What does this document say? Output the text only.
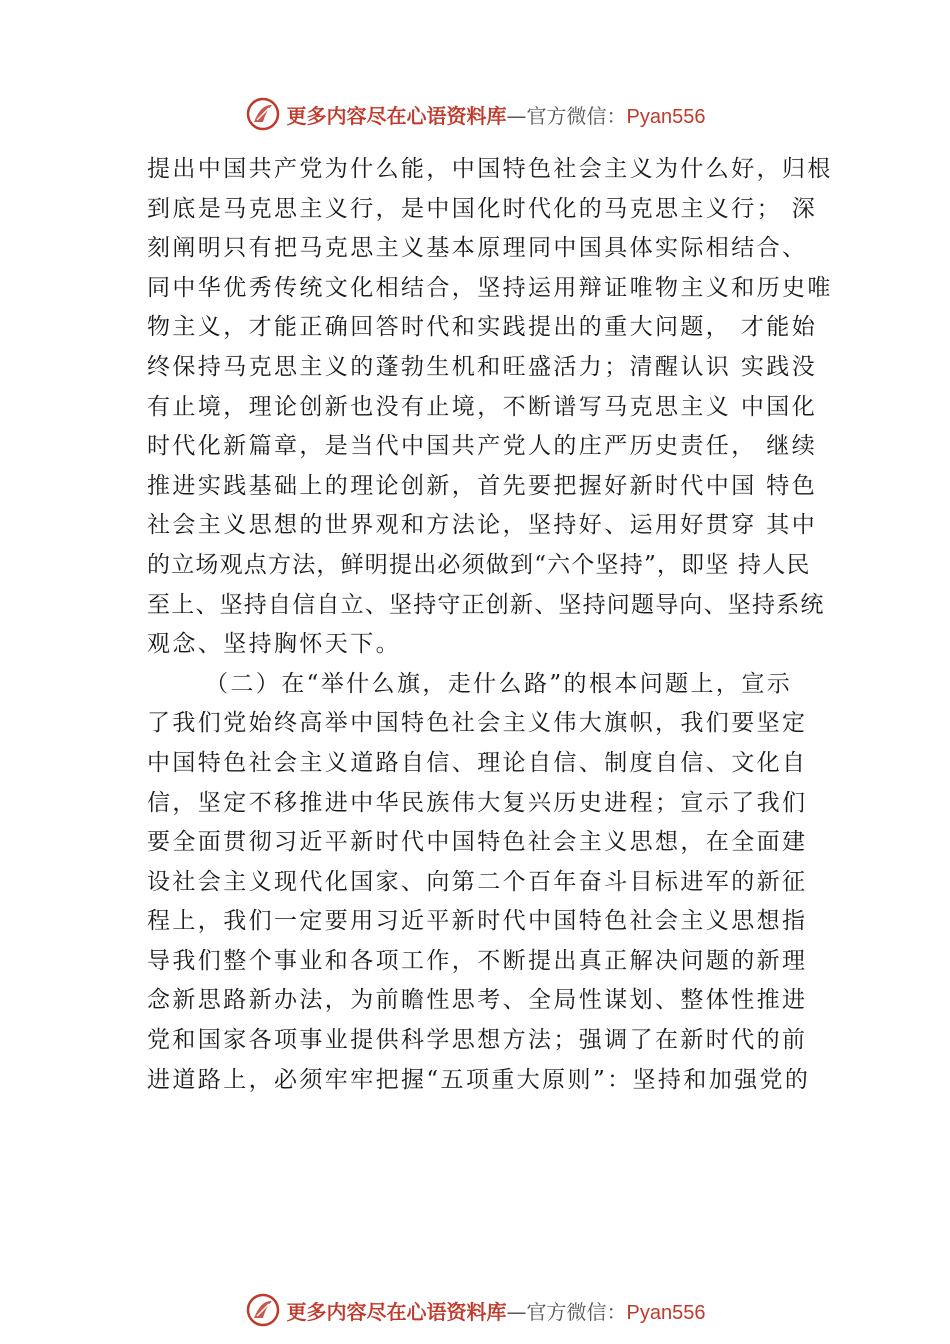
更多内容尽在心语资料库 —官方微信： Pyan556
提出中国共产党为什么能，中国特色社会主义为什么好，归根
到底是马克思主义行，是中国化时代化的马克思主义行； 深
刻阐明只有把马克思主义基本原理同中国具体实际相结合、
同中华优秀传统文化相结合，坚持运用辩证唯物主义和历史唯
物主义，才能正确回答时代和实践提出的重大问题， 才能始
终保持马克思主义的蓬勃生机和旺盛活力；清醒认识 实践没
有止境，理论创新也没有止境，不断谱写马克思主义 中国化
时代化新篇章，是当代中国共产党人的庄严历史责任， 继续
推进实践基础上的理论创新，首先要把握好新时代中国 特色
社会主义思想的世界观和方法论，坚持好、运用好贯穿 其中
的立场观点方法，鲜明提出必须做到“六个坚持”，即坚 持人民
至上、坚持自信自立、坚持守正创新、坚持问题导向、坚持系统
观念、坚持胸怀天下。
（二）在“举什么旗，走什么路”的根本问题上，宣示
了我们党始终高举中国特色社会主义伟大旗帜，我们要坚定
中国特色社会主义道路自信、理论自信、制度自信、文化自
信，坚定不移推进中华民族伟大复兴历史进程；宣示了我们
要全面贯彻习近平新时代中国特色社会主义思想，在全面建
设社会主义现代化国家、向第二个百年奋斗目标进军的新征
程上，我们一定要用习近平新时代中国特色社会主义思想指
导我们整个事业和各项工作，不断提出真正解决问题的新理
念新思路新办法，为前瞻性思考、全局性谋划、整体性推进
党和国家各项事业提供科学思想方法；强调了在新时代的前
进道路上，必须牢牢把握“五项重大原则”：坚持和加强党的
更多内容尽在心语资料库 —官方微信： Pyan556
